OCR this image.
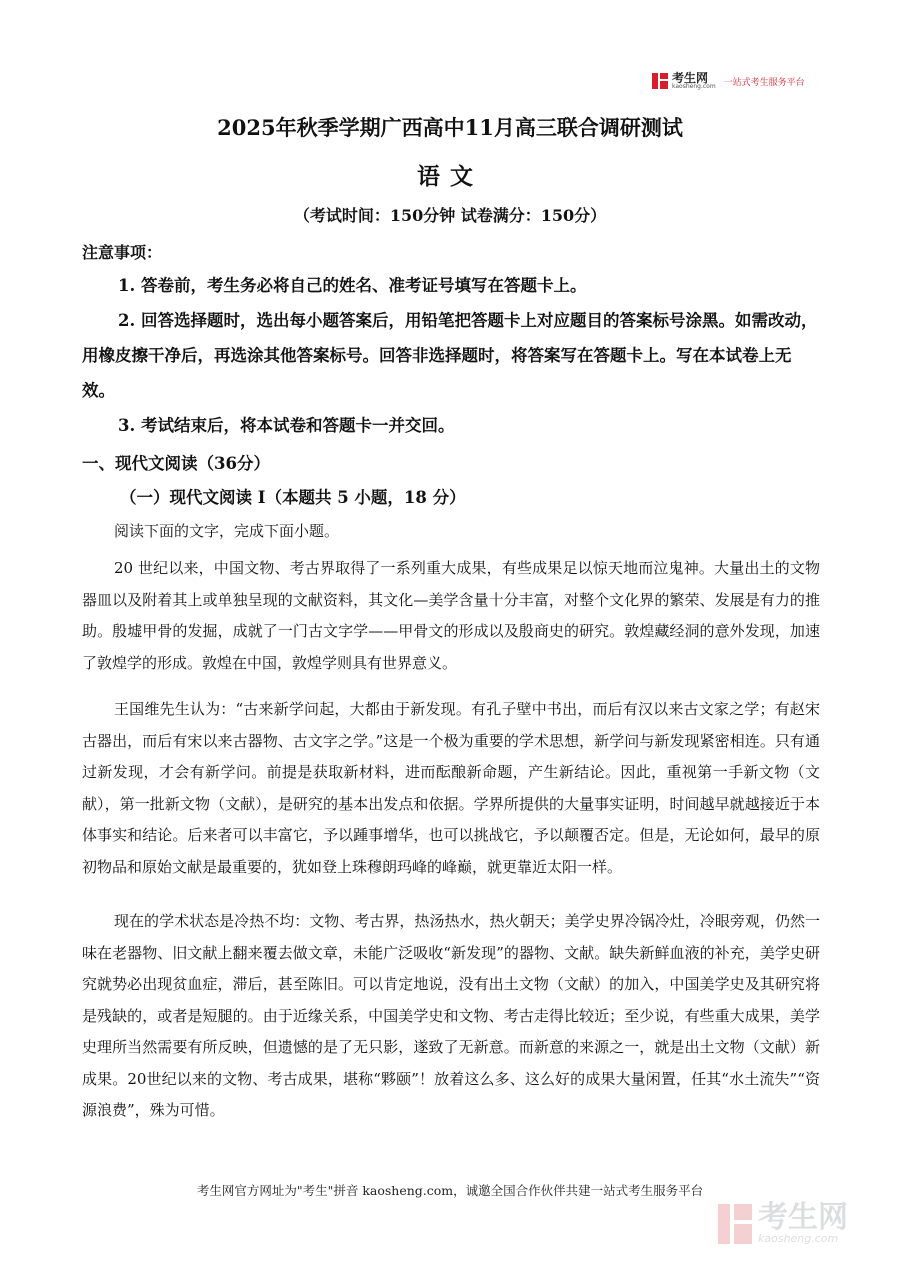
考生网
kaosheng.com 一站式考生服务平台
2025年秋季学期广西高中11月高三联合调研测试
语文
（考试时间：150分钟 试卷满分：150分）
注意事项：

1. 答卷前，考生务必将自己的姓名、准考证号填写在答题卡上。

2. 回答选择题时，选出每小题答案后，用铅笔把答题卡上对应题目的答案标号涂黑。如需改动，用橡皮擦干净后，再选涂其他答案标号。回答非选择题时，将答案写在答题卡上。写在本试卷上无效。

3. 考试结束后，将本试卷和答题卡一并交回。

一、现代文阅读（36分）
（一）现代文阅读 I（本题共 5 小题，18 分）
阅读下面的文字，完成下面小题。

20 世纪以来，中国文物、考古界取得了一系列重大成果，有些成果足以惊天地而泣鬼神。大量出土的文物器皿以及附着其上或单独呈现的文献资料，其文化—美学含量十分丰富，对整个文化界的繁荣、发展是有力的推助。殷墟甲骨的发掘，成就了一门古文字学——甲骨文的形成以及殷商史的研究。敦煌藏经洞的意外发现，加速了敦煌学的形成。敦煌在中国，敦煌学则具有世界意义。

王国维先生认为：“古来新学问起，大都由于新发现。有孔子壁中书出，而后有汉以来古文家之学；有赵宋古器出，而后有宋以来古器物、古文字之学。”这是一个极为重要的学术思想，新学问与新发现紧密相连。只有通过新发现，才会有新学问。前提是获取新材料，进而酝酿新命题，产生新结论。因此，重视第一手新文物（文献），第一批新文物（文献），是研究的基本出发点和依据。学界所提供的大量事实证明，时间越早就越接近于本体事实和结论。后来者可以丰富它，予以踵事增华，也可以挑战它，予以颠覆否定。但是，无论如何，最早的原初物品和原始文献是最重要的，犹如登上珠穆朗玛峰的峰巅，就更靠近太阳一样。

现在的学术状态是冷热不均：文物、考古界，热汤热水，热火朝天；美学史界冷锅冷灶，冷眼旁观，仍然一味在老器物、旧文献上翻来覆去做文章，未能广泛吸收“新发现”的器物、文献。缺失新鲜血液的补充，美学史研究就势必出现贫血症，滞后，甚至陈旧。可以肯定地说，没有出土文物（文献）的加入，中国美学史及其研究将是残缺的，或者是短腿的。由于近缘关系，中国美学史和文物、考古走得比较近；至少说，有些重大成果，美学史理所当然需要有所反映，但遗憾的是了无只影，遂致了无新意。而新意的来源之一，就是出土文物（文献）新成果。20世纪以来的文物、考古成果，堪称“夥颐”！放着这么多、这么好的成果大量闲置，任其“水土流失”“资源浪费”，殊为可惜。

考生网官方网址为"考生"拼音 kaosheng.com，诚邀全国合作伙伴共建一站式考生服务平台
考生网
kaosheng.com
